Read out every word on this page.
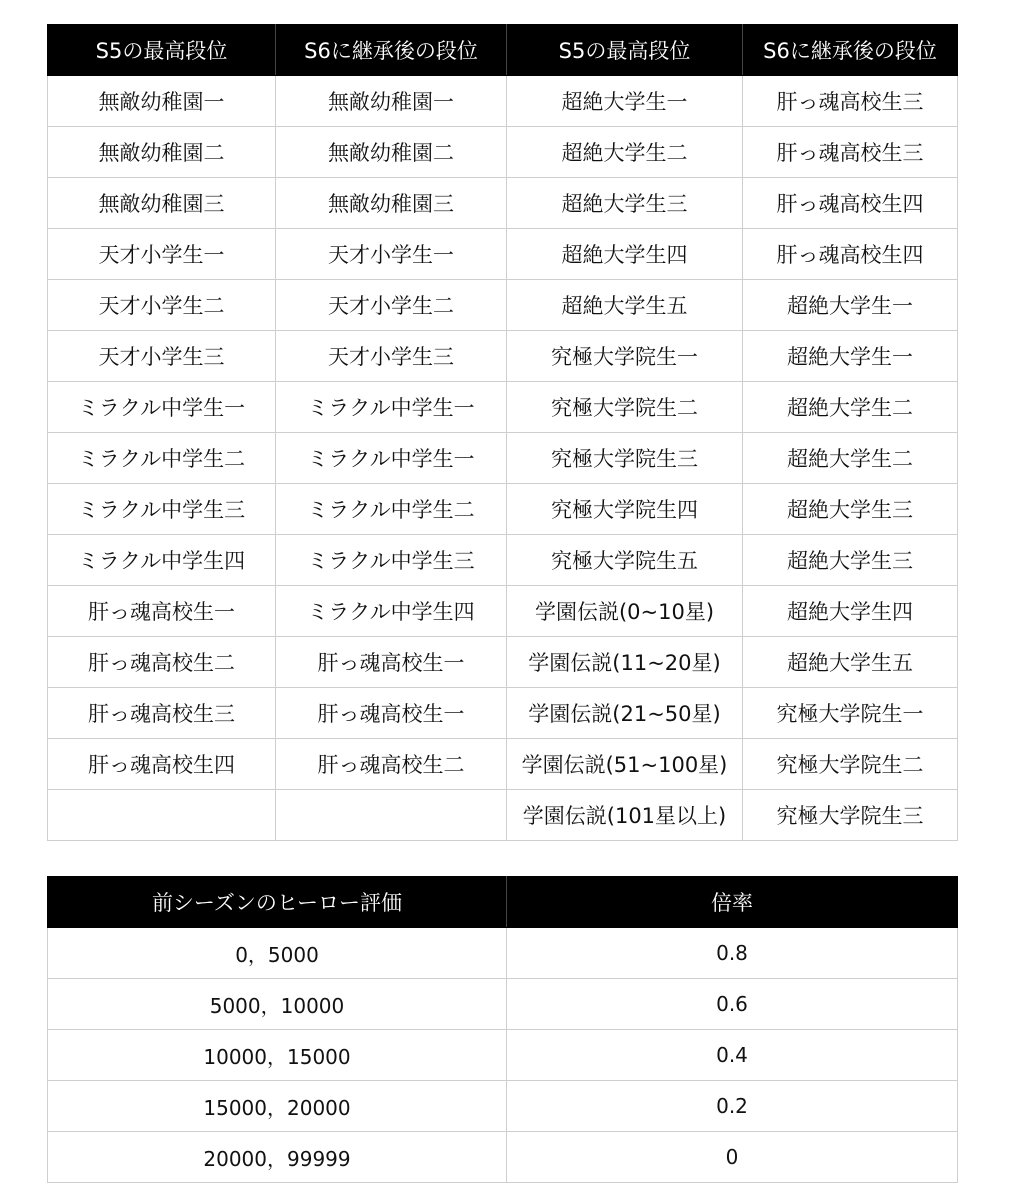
S5の最高段位	S6に継承後の段位	S5の最高段位	S6に継承後の段位
無敵幼稚園一	無敵幼稚園一	超絶大学生一	肝っ魂高校生三
無敵幼稚園二	無敵幼稚園二	超絶大学生二	肝っ魂高校生三
無敵幼稚園三	無敵幼稚園三	超絶大学生三	肝っ魂高校生四
天才小学生一	天才小学生一	超絶大学生四	肝っ魂高校生四
天才小学生二	天才小学生二	超絶大学生五	超絶大学生一
天才小学生三	天才小学生三	究極大学院生一	超絶大学生一
ミラクル中学生一	ミラクル中学生一	究極大学院生二	超絶大学生二
ミラクル中学生二	ミラクル中学生一	究極大学院生三	超絶大学生二
ミラクル中学生三	ミラクル中学生二	究極大学院生四	超絶大学生三
ミラクル中学生四	ミラクル中学生三	究極大学院生五	超絶大学生三
肝っ魂高校生一	ミラクル中学生四	学園伝説(0~10星)	超絶大学生四
肝っ魂高校生二	肝っ魂高校生一	学園伝説(11~20星)	超絶大学生五
肝っ魂高校生三	肝っ魂高校生一	学園伝説(21~50星)	究極大学院生一
肝っ魂高校生四	肝っ魂高校生二	学園伝説(51~100星)	究極大学院生二
		学園伝説(101星以上)	究極大学院生三
前シーズンのヒーロー評価	倍率
0，5000	0.8
5000，10000	0.6
10000，15000	0.4
15000，20000	0.2
20000，99999	0
